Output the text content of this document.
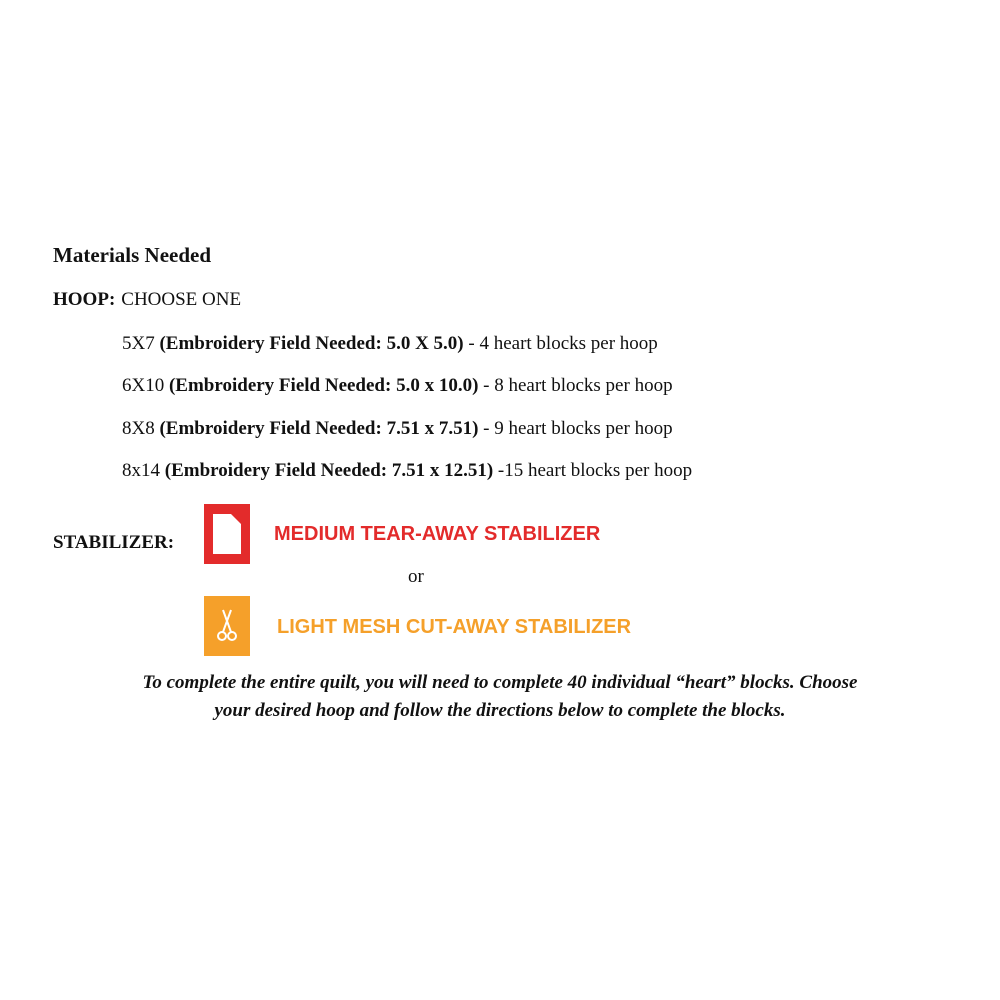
Materials Needed
HOOP: CHOOSE ONE
5X7 (Embroidery Field Needed: 5.0 X 5.0) - 4 heart blocks per hoop
6X10 (Embroidery Field Needed: 5.0 x 10.0) - 8 heart blocks per hoop
8X8 (Embroidery Field Needed: 7.51 x 7.51) - 9 heart blocks per hoop
8x14 (Embroidery Field Needed: 7.51 x 12.51) -15 heart blocks per hoop
STABILIZER:	MEDIUM TEAR-AWAY STABILIZER
or
LIGHT MESH CUT-AWAY STABILIZER
To complete the entire quilt, you will need to complete 40 individual “heart” blocks. Choose
your desired hoop and follow the directions below to complete the blocks.
